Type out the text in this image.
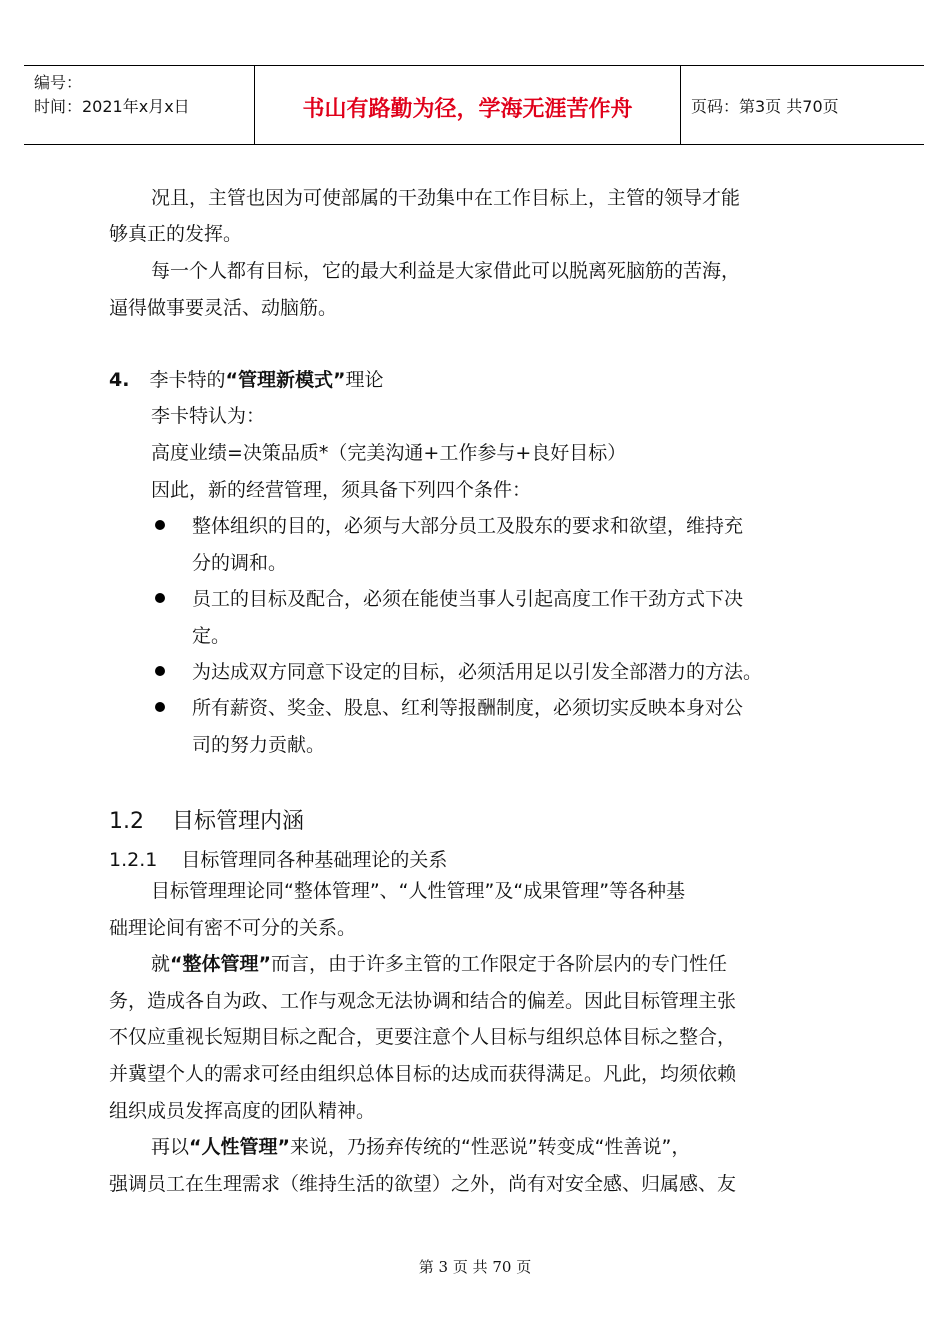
编号：
时间：2021年x月x日	书山有路勤为径，学海无涯苦作舟	页码：第3页 共70页
况且，主管也因为可使部属的干劲集中在工作目标上，主管的领导才能
够真正的发挥。
每一个人都有目标，它的最大利益是大家借此可以脱离死脑筋的苦海，
逼得做事要灵活、动脑筋。
4. 李卡特的“管理新模式”理论
李卡特认为：
高度业绩=决策品质*（完美沟通+工作参与+良好目标）
因此，新的经营管理，须具备下列四个条件：
整体组织的目的，必须与大部分员工及股东的要求和欲望，维持充
分的调和。
员工的目标及配合，必须在能使当事人引起高度工作干劲方式下决
定。
为达成双方同意下设定的目标，必须活用足以引发全部潜力的方法。
所有薪资、奖金、股息、红利等报酬制度，必须切实反映本身对公
司的努力贡献。
1.2 目标管理内涵
1.2.1 目标管理同各种基础理论的关系
目标管理理论同“整体管理”、“人性管理”及“成果管理”等各种基
础理论间有密不可分的关系。
就“整体管理”而言，由于许多主管的工作限定于各阶层内的专门性任
务，造成各自为政、工作与观念无法协调和结合的偏差。因此目标管理主张
不仅应重视长短期目标之配合，更要注意个人目标与组织总体目标之整合，
并冀望个人的需求可经由组织总体目标的达成而获得满足。凡此，均须依赖
组织成员发挥高度的团队精神。
再以“人性管理”来说，乃扬弃传统的“性恶说”转变成“性善说”，
强调员工在生理需求（维持生活的欲望）之外，尚有对安全感、归属感、友
第 3 页 共 70 页
